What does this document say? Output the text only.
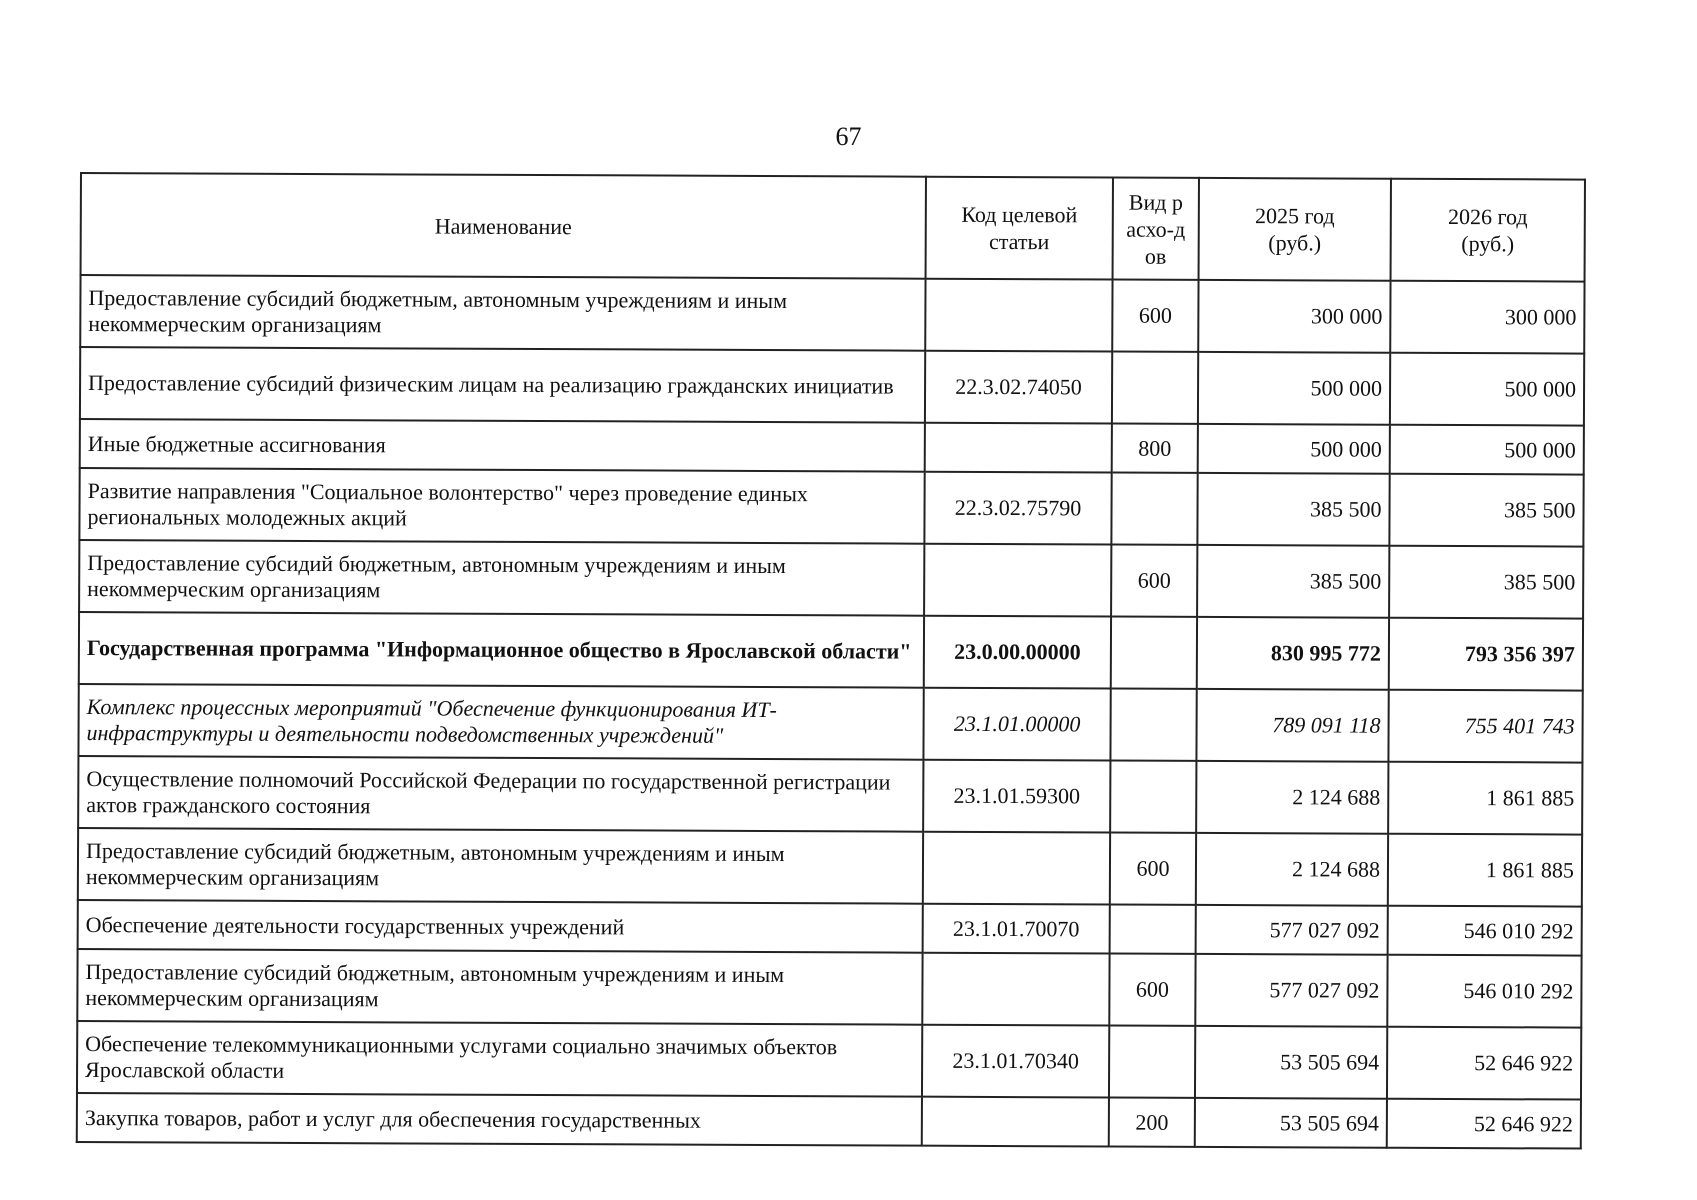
67
Наименование	Код целевой статьи	Вид расхо-дов	2025 год (руб.)	2026 год (руб.)
Предоставление субсидий бюджетным, автономным учреждениям и иным некоммерческим организациям		600	300 000	300 000
Предоставление субсидий физическим лицам на реализацию гражданских инициатив	22.3.02.74050		500 000	500 000
Иные бюджетные ассигнования		800	500 000	500 000
Развитие направления "Социальное волонтерство" через проведение единых региональных молодежных акций	22.3.02.75790		385 500	385 500
Предоставление субсидий бюджетным, автономным учреждениям и иным некоммерческим организациям		600	385 500	385 500
Государственная программа "Информационное общество в Ярославской области"	23.0.00.00000		830 995 772	793 356 397
Комплекс процессных мероприятий "Обеспечение функционирования ИТ-инфраструктуры и деятельности подведомственных учреждений"	23.1.01.00000		789 091 118	755 401 743
Осуществление полномочий Российской Федерации по государственной регистрации актов гражданского состояния	23.1.01.59300		2 124 688	1 861 885
Предоставление субсидий бюджетным, автономным учреждениям и иным некоммерческим организациям		600	2 124 688	1 861 885
Обеспечение деятельности государственных учреждений	23.1.01.70070		577 027 092	546 010 292
Предоставление субсидий бюджетным, автономным учреждениям и иным некоммерческим организациям		600	577 027 092	546 010 292
Обеспечение телекоммуникационными услугами социально значимых объектов Ярославской области	23.1.01.70340		53 505 694	52 646 922
Закупка товаров, работ и услуг для обеспечения государственных		200	53 505 694	52 646 922
